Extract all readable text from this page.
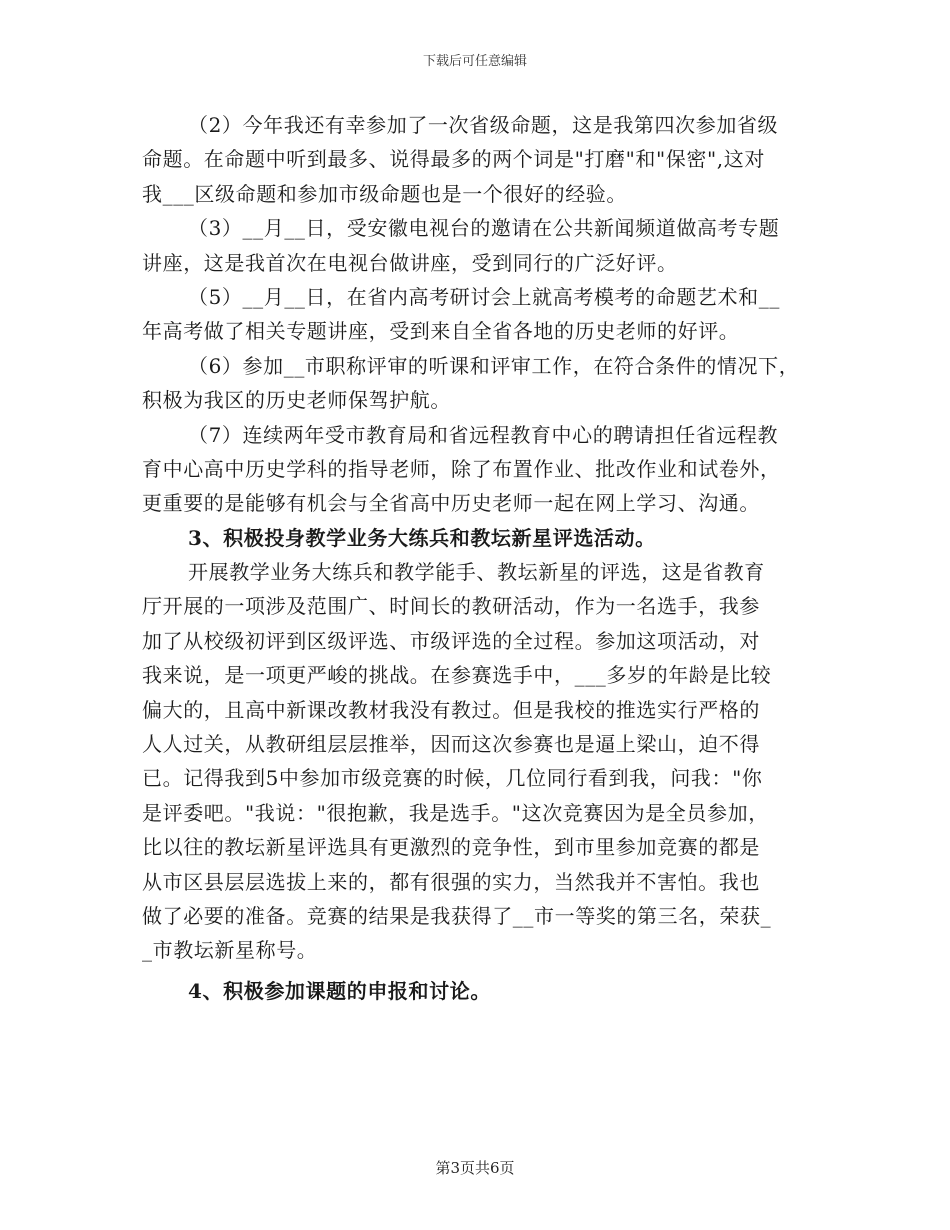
下载后可任意编辑
（2）今年我还有幸参加了一次省级命题，这是我第四次参加省级
命题。在命题中听到最多、说得最多的两个词是"打磨"和"保密",这对
我___区级命题和参加市级命题也是一个很好的经验。
（3）__月__日，受安徽电视台的邀请在公共新闻频道做高考专题
讲座，这是我首次在电视台做讲座，受到同行的广泛好评。
（5）__月__日，在省内高考研讨会上就高考模考的命题艺术和__
年高考做了相关专题讲座，受到来自全省各地的历史老师的好评。
（6）参加__市职称评审的听课和评审工作，在符合条件的情况下，
积极为我区的历史老师保驾护航。
（7）连续两年受市教育局和省远程教育中心的聘请担任省远程教
育中心高中历史学科的指导老师，除了布置作业、批改作业和试卷外，
更重要的是能够有机会与全省高中历史老师一起在网上学习、沟通。
3、积极投身教学业务大练兵和教坛新星评选活动。
开展教学业务大练兵和教学能手、教坛新星的评选，这是省教育
厅开展的一项涉及范围广、时间长的教研活动，作为一名选手，我参
加了从校级初评到区级评选、市级评选的全过程。参加这项活动，对
我来说，是一项更严峻的挑战。在参赛选手中，___多岁的年龄是比较
偏大的，且高中新课改教材我没有教过。但是我校的推选实行严格的
人人过关，从教研组层层推举，因而这次参赛也是逼上梁山，迫不得
已。记得我到5中参加市级竞赛的时候，几位同行看到我，问我："你
是评委吧。"我说："很抱歉，我是选手。"这次竞赛因为是全员参加，
比以往的教坛新星评选具有更激烈的竞争性，到市里参加竞赛的都是
从市区县层层选拔上来的，都有很强的实力，当然我并不害怕。我也
做了必要的准备。竞赛的结果是我获得了__市一等奖的第三名，荣获_
_市教坛新星称号。
4、积极参加课题的申报和讨论。
第3页共6页
